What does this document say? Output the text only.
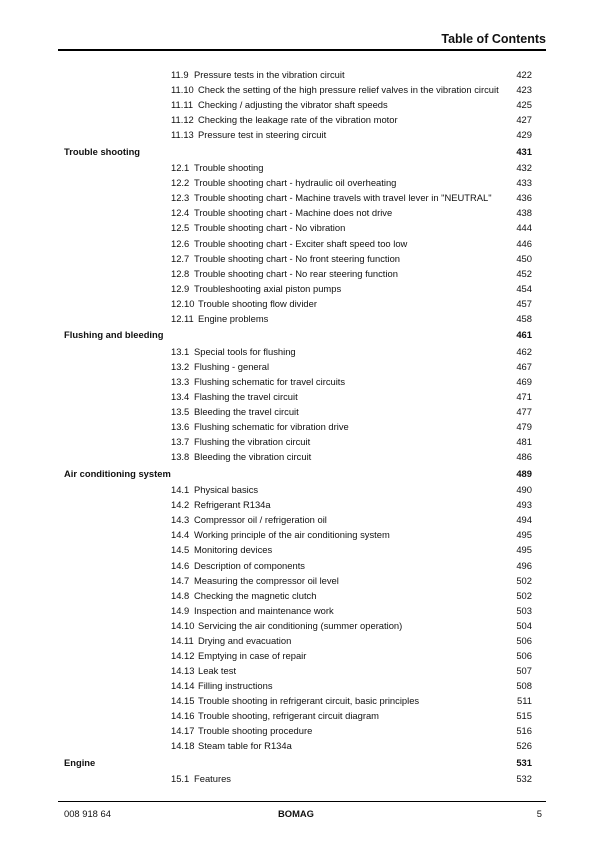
Table of Contents
11.9 Pressure tests in the vibration circuit	422
11.10 Check the setting of the high pressure relief valves in the vibration circuit 423
11.11 Checking / adjusting the vibrator shaft speeds	425
11.12 Checking the leakage rate of the vibration motor	427
11.13 Pressure test in steering circuit	429
Trouble shooting	431
12.1 Trouble shooting	432
12.2 Trouble shooting chart - hydraulic oil overheating	433
12.3 Trouble shooting chart - Machine travels with travel lever in "NEUTRAL"	436
12.4 Trouble shooting chart - Machine does not drive	438
12.5 Trouble shooting chart - No vibration	444
12.6 Trouble shooting chart - Exciter shaft speed too low	446
12.7 Trouble shooting chart - No front steering function	450
12.8 Trouble shooting chart - No rear steering function	452
12.9 Troubleshooting axial piston pumps	454
12.10 Trouble shooting flow divider	457
12.11 Engine problems	458
Flushing and bleeding	461
13.1 Special tools for flushing	462
13.2 Flushing - general	467
13.3 Flushing schematic for travel circuits	469
13.4 Flashing the travel circuit	471
13.5 Bleeding the travel circuit	477
13.6 Flushing schematic for vibration drive	479
13.7 Flushing the vibration circuit	481
13.8 Bleeding the vibration circuit	486
Air conditioning system	489
14.1 Physical basics	490
14.2 Refrigerant R134a	493
14.3 Compressor oil / refrigeration oil	494
14.4 Working principle of the air conditioning system	495
14.5 Monitoring devices	495
14.6 Description of components	496
14.7 Measuring the compressor oil level	502
14.8 Checking the magnetic clutch	502
14.9 Inspection and maintenance work	503
14.10 Servicing the air conditioning (summer operation)	504
14.11 Drying and evacuation	506
14.12 Emptying in case of repair	506
14.13 Leak test	507
14.14 Filling instructions	508
14.15 Trouble shooting in refrigerant circuit, basic principles	511
14.16 Trouble shooting, refrigerant circuit diagram	515
14.17 Trouble shooting procedure	516
14.18 Steam table for R134a	526
Engine	531
15.1 Features	532
008 918 64	BOMAG	5
